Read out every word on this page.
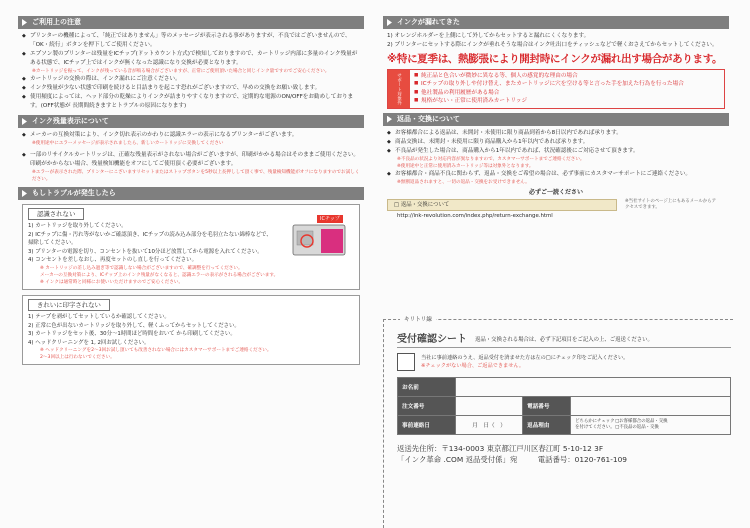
ご利用上の注意
◆ プリンターの機種によって、「純正ではありません」等のメッセージが表示される事がありますが、不良ではございませんので、「OK・続行」ボタンを押下してご使用ください。
◆ エプソン製のプリンターは残量をICチップ(ドットカウント方式)で検知しておりますので、カートリッジ内部に多量のインク残量がある状態で、ICチップ上ではインクが無くなった認識になり交換が必要となります。
※カートリッジを振って、インクが残っている音が鳴る場合がございますが、正常にご使用頂いた場合と同じインク量ですのでご安心ください。
◆ カートリッジの交換の際は、インク漏れにご注意ください。
◆ インク残量が少ない状態で印刷を続けると目詰まりを起こす恐れがございますので、早めの交換をお願い致します。
◆ 使用頻度によっては、ヘッド部分の乾燥によりインクが詰まりやすくなりますので、定期的な電源のON/OFFをお勧めしております。(OFF状態が 長期間続きますとトラブルの原因になります)
インク残量表示について
◆ メーカーの互換対策により、インク切れ表示のかわりに認識エラーの表示になるプリンターがございます。
※使用途中にエラーメッセージが表示されましたら、新しいカートリッジに交換してください
◆ 一部のリサイクルカートリッジは、正確な残量表示がされない場合がございますが、印刷がかかる場合はそのままご使用ください。印刷がかからない場合、残量検知機能をオフにしてご使用頂く必要がございます。
※エラーが表示された際、プリンターにこざいますリセットまたはストップボタンを5秒以上長押しして頂く事で、残量検知機能がオフになりますのでお試しください。
もしトラブルが発生したら
認識されない
1) カートリッジを取り外してください。
2) ICチップに傷・汚れ等がないかご確認頂き、ICチップの読み込み部分を毛羽立たない綿棒などで、掃除してください。
3) プリンターの電源を切り、コンセントを抜いて10分ほど放置してから電源を入れてください。
4) コンセントを差しなおし、再度セットのし直しを行ってください。
※ カートリッジの差し込み過ぎ等で認識しない場合がございますので、確調整を行ってください。
メーカーの互換対策により、ICチップ上のインク残量がなくなると、認識エラーの表示がされる場合がございます。
※ インクは通常時と同様にお使いいただけますのでご安心ください。
ICチップ
きれいに印字されない
1) テープを剥がしてセットしているか確認してください。
2) 正常に色が出ないカートリッジを取り外して、軽くふってからセットしてください。
3) カートリッジをセット後、30分～1時間ほど時間をおいて から印刷してください。
4) ヘッドクリーニングを 1, 2回お試しください。
※ ヘッドクリーニングを2～3回お試し頂いても改善されない場合にはカスタマーサポートまでご連絡ください。
2～3回以上は行わないでください。
インクが漏れてきた
1) オレンジホルダーを上側にして外してからセットすると漏れにくくなります。
2) プリンターにセットする際にインクが垂れそうな場合はインク吐出口をティッシュなどで軽くおさえてからセットしてください。
※特に夏季は、熱膨張により開封時にインクが漏れ出す場合があります。
サポート対象外	■ 純正品と色合いが微妙に異なる等、個人の感覚的な理由の場合
■ ICチップの取り外しや付け替え、またカートリッジに穴を空ける等と言った手を加えた行為を行った場合
■ 他社製品の利用履歴がある場合
■ 規格がない・正常に使用済みカートリッジ
返品・交換について
◆ お客様都合による返品は、未開封・未使用に限り商品到着から8日以内であれば承ります。
◆ 商品交換は、未開封・未使用に限り商品購入から1年以内であれば承ります。
◆ 不良品が発生した場合は、商品購入から1年以内であれば、状況確認後にご対応させて頂きます。
※不良品の状況より対応内容が異なりますので、カスタマーサポートまでご連絡ください。
※使用途中と正常に使用済みカートリッジ等は対象外となります。
◆ お客様都合・商品不良に関わらず、返品・交換をご希望の場合は、必ず事前にカスタマーサポートにご連絡ください。
※無断返品されますと、一切の返品・交換をお受けできません。
必ずご一読ください
□ 返品・交換について
http://ink-revolution.com/index.php/return-exchange.html
※当社サイトのページ上にもあるメールからアクセスできます。
キリトリ線
受付確認シート	返品・交換される場合は、必ず下記項目をご記入の上、ご返送ください。
当社に事前連絡のうえ、返品受付を済ませた方は左の□にチェック印をご記入ください。
※チェックがない場合、ご返品できません。
お名前			
注文番号		電話番号	
事前連絡日	月　日（　）	返品理由	どちらかにチェックを付けてください。
□お客様都合の返品・交換
□不良品の返品・交換
返送先住所：〒134-0003 東京都江戸川区春江町 5-10-12 3F
「インク革命 .COM 返品受付係」宛	電話番号：0120-761-109
